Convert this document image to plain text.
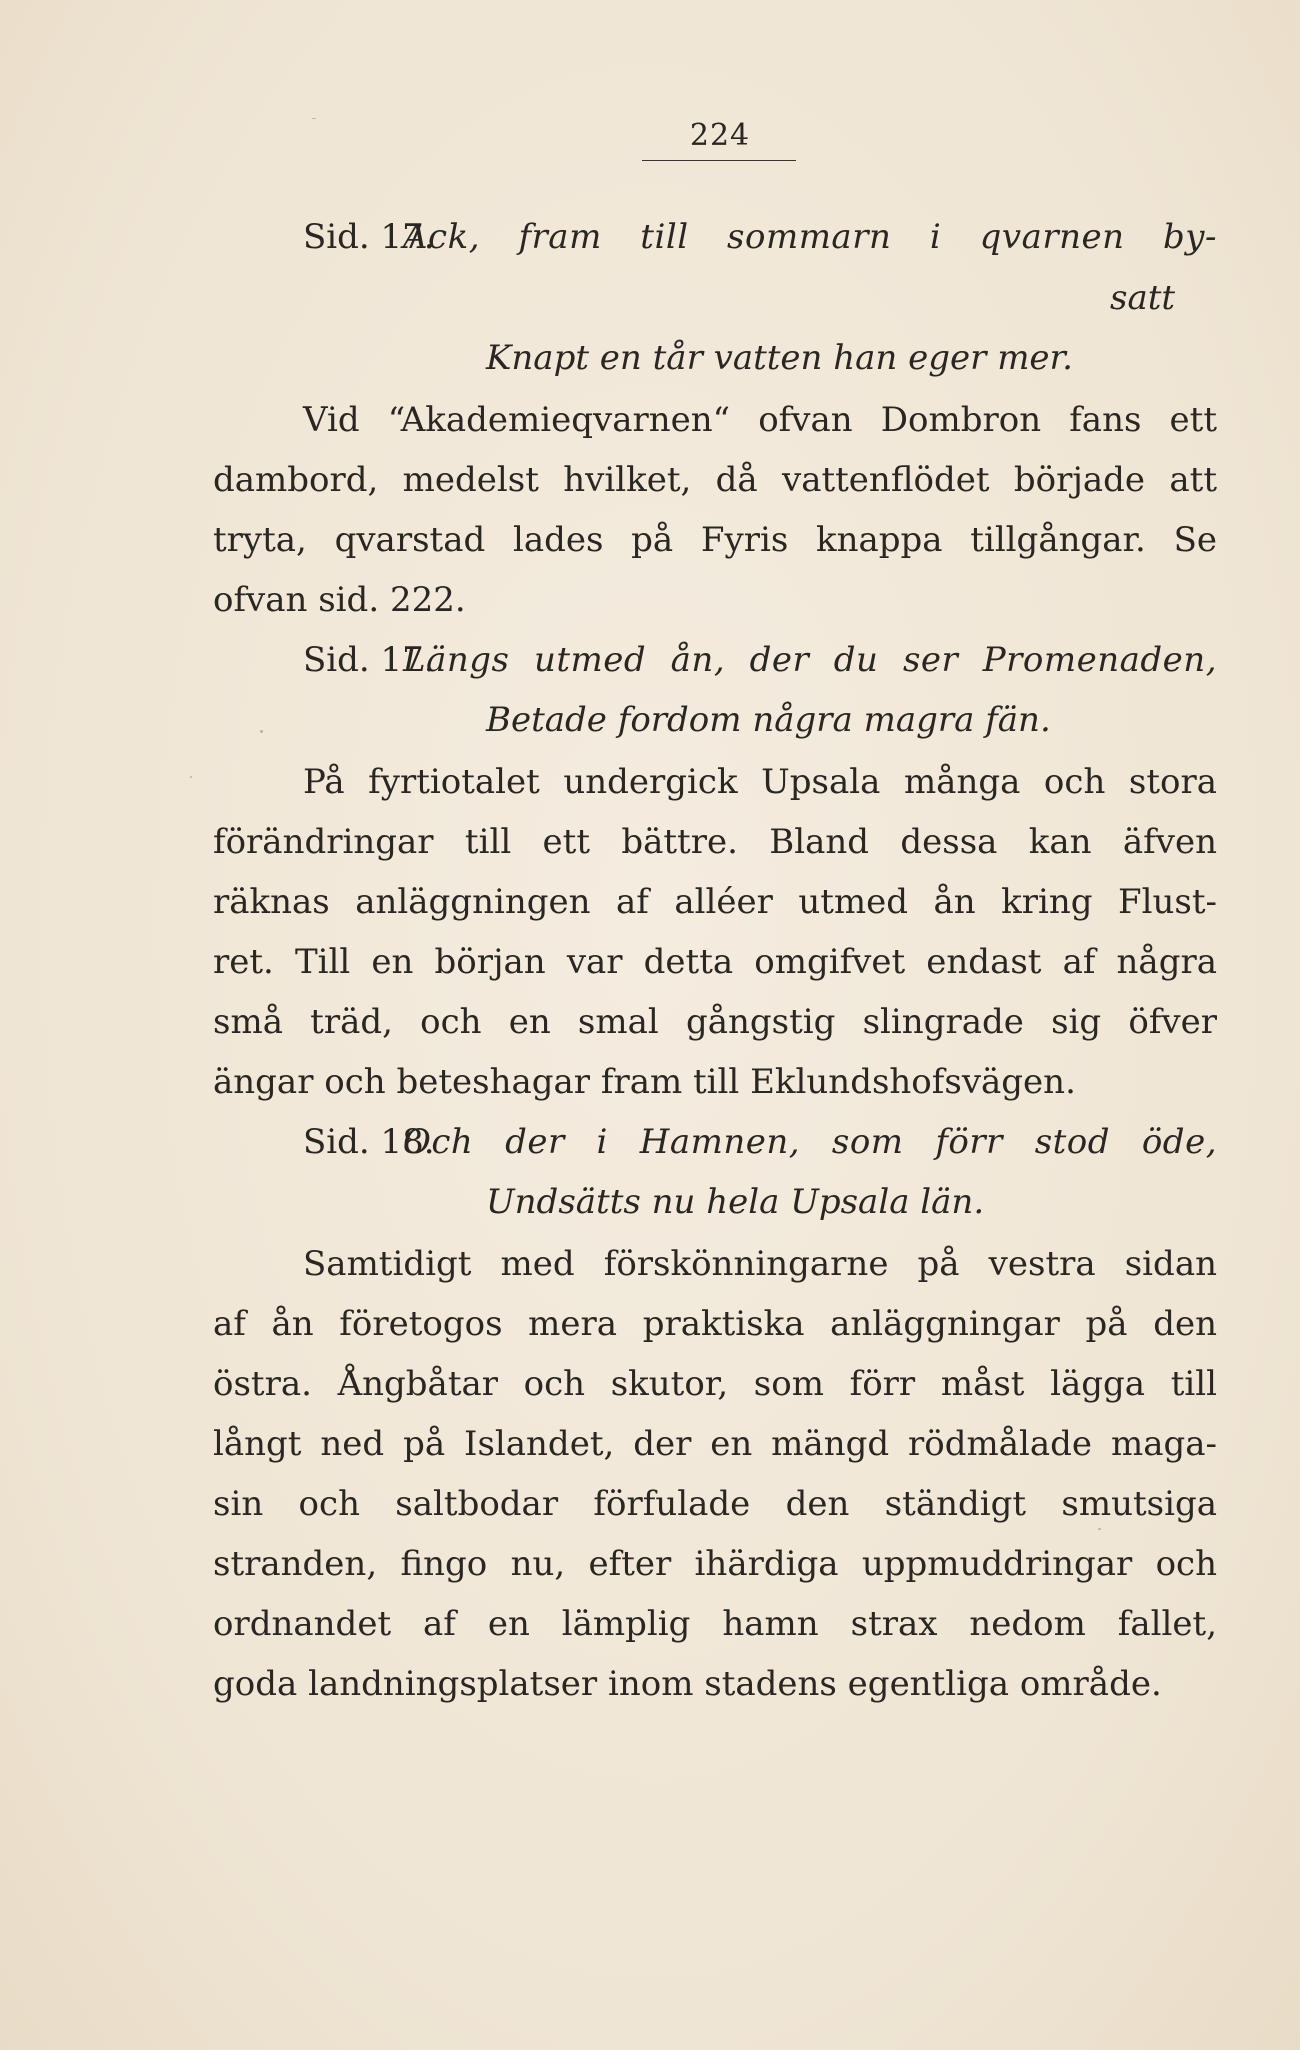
224
Sid. 17.
Ack, fram till sommarn i qvarnen by-
satt
Knapt en tår vatten han eger mer.
Vid “Akademieqvarnen“ ofvan Dombron fans ett
dambord, medelst hvilket, då vattenflödet började att
tryta, qvarstad lades på Fyris knappa tillgångar. Se
ofvan sid. 222.
Sid. 17.
Längs utmed ån, der du ser Promenaden,
Betade fordom några magra fän.
På fyrtiotalet undergick Upsala många och stora
förändringar till ett bättre. Bland dessa kan äfven
räknas anläggningen af alléer utmed ån kring Flust-
ret. Till en början var detta omgifvet endast af några
små träd, och en smal gångstig slingrade sig öfver
ängar och beteshagar fram till Eklundshofsvägen.
Sid. 18.
Och der i Hamnen, som förr stod öde,
Undsätts nu hela Upsala län.
Samtidigt med förskönningarne på vestra sidan
af ån företogos mera praktiska anläggningar på den
östra. Ångbåtar och skutor, som förr måst lägga till
långt ned på Islandet, der en mängd rödmålade maga-
sin och saltbodar förfulade den ständigt smutsiga
stranden, fingo nu, efter ihärdiga uppmuddringar och
ordnandet af en lämplig hamn strax nedom fallet,
goda landningsplatser inom stadens egentliga område.
